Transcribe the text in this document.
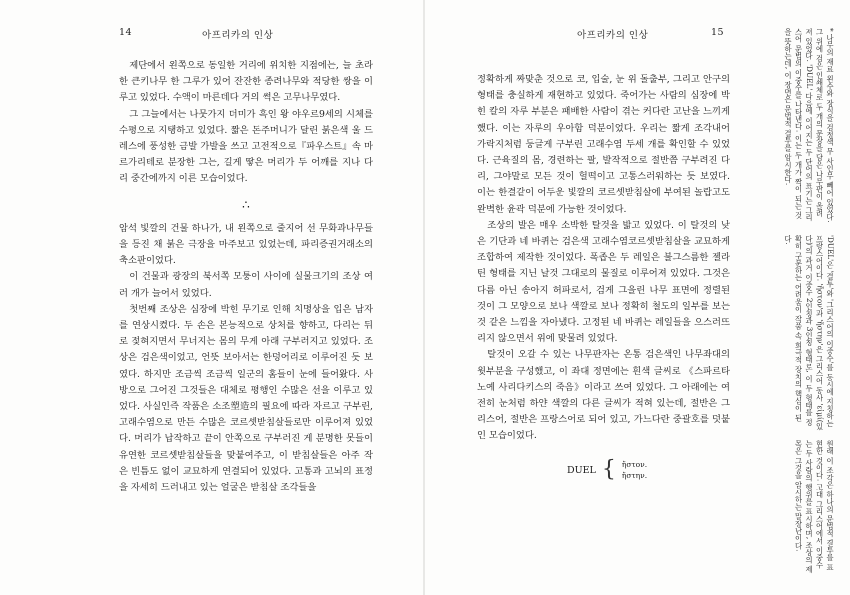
14	아프리카의 인상

제단에서 왼쪽으로 동일한 거리에 위치한 지점에는, 늘 초라한 큰키나무 한 그루가 있어 잔잔한 종려나무와 적당한 쌍을 이루고 있었다. 수액이 마른데다 거의 썩은 고무나무였다.

그 그늘에서는 나뭇가지 더미가 흑인 왕 야우르9세의 시체를 수평으로 지탱하고 있었다. 짧은 돈주머니가 달린 붉은색 울 드레스에 풍성한 금발 가발을 쓰고 고전적으로『파우스트』속 마르가리테로 분장한 그는, 길게 땋은 머리가 두 어깨를 지나 다리 중간에까지 이른 모습이었다.

∴

암석 빛깔의 건물 하나가, 내 왼쪽으로 줄지어 선 무화과나무들을 등진 채 붉은 극장을 마주보고 있었는데, 파리증권거래소의 축소판이었다.

이 건물과 광장의 북서쪽 모퉁이 사이에 실물크기의 조상 여러 개가 늘어서 있었다.

첫번째 조상은 심장에 박힌 무기로 인해 치명상을 입은 남자를 연상시켰다. 두 손은 본능적으로 상처를 향하고, 다리는 뒤로 젖혀지면서 무너지는 몸의 무게 아래 구부러지고 있었다. 조상은 검은색이었고, 언뜻 보아서는 한덩어리로 이루어진 듯 보였다. 하지만 조금씩 조금씩 일군의 홈들이 눈에 들어왔다. 사방으로 그어진 그것들은 대체로 평행인 수많은 선을 이루고 있었다. 사실인즉 작품은 소조塑造의 필요에 따라 자르고 구부린, 고래수염으로 만든 수많은 코르셋받침살들로만 이루어져 있었다. 머리가 납작하고 끝이 안쪽으로 구부러진 게 분명한 못들이 유연한 코르셋받침살들을 맞붙여주고, 이 받침살들은 아주 작은 빈틈도 없이 교묘하게 연결되어 있었다. 고통과 고뇌의 표정을 자세히 드러내고 있는 얼굴은 받침살 조각들을

아프리카의 인상	15

정확하게 짜맞춘 것으로 코, 입술, 눈 위 돌출부, 그리고 안구의 형태를 충실하게 재현하고 있었다. 죽어가는 사람의 심장에 박힌 칼의 자루 부분은 패배한 사람이 겪는 커다란 고난을 느끼게 했다. 이는 자루의 우아함 덕분이었다. 우리는 짧게 조각내어 가락지처럼 둥글게 구부린 고래수염 두세 개를 확인할 수 있었다. 근육질의 몸, 경련하는 팔, 발작적으로 절반쯤 구부려진 다리, 그야말로 모든 것이 헐떡이고 고통스러워하는 듯 보였다. 이는 한결같이 어두운 빛깔의 코르셋받침살에 부여된 놀랍고도 완벽한 윤곽 덕분에 가능한 것이었다.

조상의 발은 매우 소박한 탈것을 밟고 있었다. 이 탈것의 낮은 기단과 네 바퀴는 검은색 고래수염코르셋받침살을 교묘하게 조합하여 제작한 것이었다. 폭좁은 두 레일은 불그스름한 젤라틴 형태를 지닌 날것 그대로의 물질로 이루어져 있었다. 그것은 다름 아닌 송아지 허파로서, 검게 그을린 나무 표면에 정렬된 것이 그 모양으로 보나 색깔로 보나 정확히 철도의 일부를 보는 것 같은 느낌을 자아냈다. 고정된 네 바퀴는 레일들을 으스러뜨리지 않으면서 위에 맞물려 있었다.

탈것이 오갈 수 있는 나무판자는 온통 검은색인 나무좌대의 윗부분을 구성했고, 이 좌대 정면에는 흰색 글씨로 《스파르타 노예 사리다키스의 죽음》이라고 쓰여 있었다. 그 아래에는 여전히 눈처럼 하얀 색깔의 다른 글씨가 적혀 있는데, 절반은 그리스어, 절반은 프랑스어로 되어 있고, 가느다란 중괄호를 덧붙인 모습이었다.

DUEL { ἤστον.
ἤστην.

* 나무의 재료 왼수와 장식을 검정색 무 사인무 뻬어 있었다. 그 위에 검은 인쇄체로 두 개의 문장을 담은 나무판이 올려져 있었다. 'DUEL' 다음에 이어지는 두 단어의 표기는 그리스어 문법의 이중수를 나타낸다. 이는 두 개가 짝이 되는 것을 뜻하는데, 이 장면은 문법적 결투를 암시한다.

'DUEL'은 '결투'와 '그리스어의 이중수'를 동시에 지칭하는 프랑스어이다. 'ἤστον'과 'ἤστην'은 그리스어 동사 'εἰμί(있다)'의 과거 이중수 2인칭과 3인칭 형태로, 이 두 형태를 정확히 구분하는 어려움이 작품 속 희극적 장치의 핵심이 된다.

원래 이 조각은 하나의 문법적 결투를 표현한 것이다. 고대 그리스어에서 이중수는 두 사람의 행위를 표시하며, 조상의 제목은 그것을 암시하는 말장난이다.
